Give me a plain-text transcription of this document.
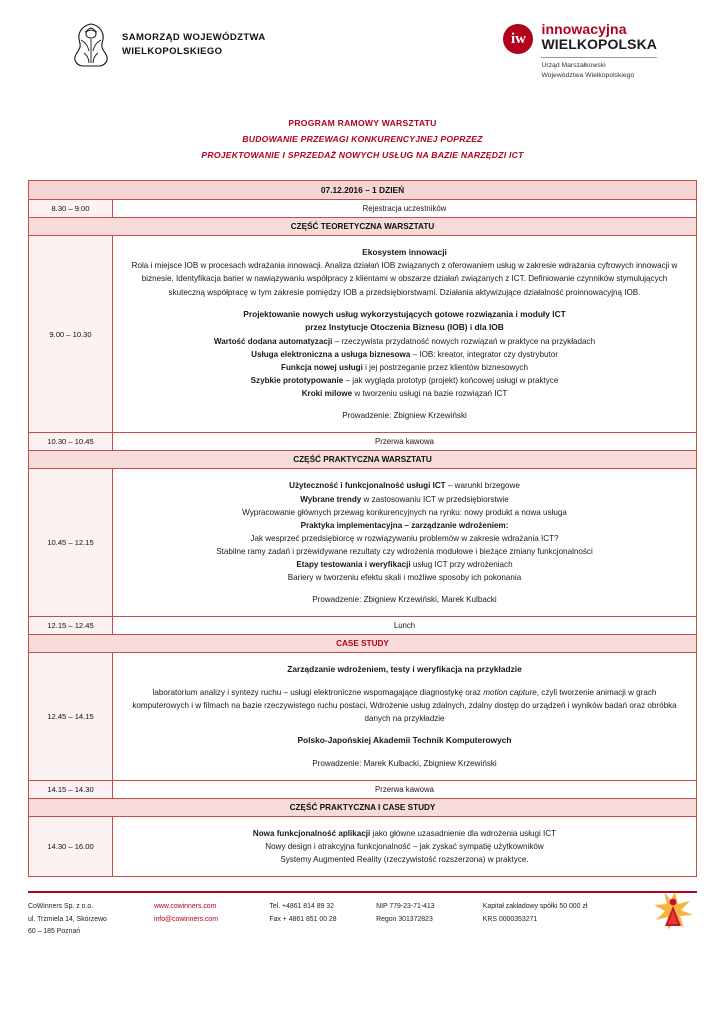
SAMORZĄD WOJEWÓDZTWA
WIELKOPOLSKIEGO
iw
innowacyjna
WIELKOPOLSKA
Urząd Marszałkowski
Województwa Wielkopolskiego
PROGRAM RAMOWY WARSZTATU
BUDOWANIE PRZEWAGI KONKURENCYJNEJ POPRZEZ
PROJEKTOWANIE I SPRZEDAŻ NOWYCH USŁUG NA BAZIE NARZĘDZI ICT
07.12.2016 – 1 DZIEŃ	
8.30 – 9.00	Rejestracja uczestników
CZĘŚĆ TEORETYCZNA WARSZTATU	
9.00 – 10.30	

Ekosystem innowacji

Rola i miejsce IOB w procesach wdrażania innowacji. Analiza działań IOB związanych z oferowaniem usług w zakresie wdrażania cyfrowych innowacji w biznesie. Identyfikacja barier w nawiązywaniu współpracy z klientami w obszarze działań związanych z ICT. Definiowanie czynników stymulujących skuteczną współpracę w tym zakresie pomiędzy IOB a przedsiębiorstwami. Działania aktywizujące działalność proinnowacyjną IOB.

Projektowanie nowych usług wykorzystujących gotowe rozwiązania i moduły ICT

przez Instytucje Otoczenia Biznesu (IOB) i dla IOB

Wartość dodana automatyzacji – rzeczywista przydatność nowych rozwiązań w praktyce na przykładach

Usługa elektroniczna a usługa biznesowa – IOB: kreator, integrator czy dystrybutor

Funkcja nowej usługi i jej postrzeganie przez klientów biznesowych

Szybkie prototypowanie – jak wygląda prototyp (projekt) końcowej usługi w praktyce

Kroki milowe w tworzeniu usługi na bazie rozwiązań ICT

Prowadzenie: Zbigniew Krzewiński

10.30 – 10.45	Przerwa kawowa
CZĘŚĆ PRAKTYCZNA WARSZTATU	
10.45 – 12.15	

Użyteczność i funkcjonalność usługi ICT – warunki brzegowe

Wybrane trendy w zastosowaniu ICT w przedsiębiorstwie

Wypracowanie głównych przewag konkurencyjnych na rynku: nowy produkt a nowa usługa

Praktyka implementacyjna – zarządzanie wdrożeniem:

Jak wesprzeć przedsiębiorcę w rozwiązywaniu problemów w zakresie wdrażania ICT?

Stabilne ramy zadań i przewidywane rezultaty czy wdrożenia modułowe i bieżące zmiany funkcjonalności

Etapy testowania i weryfikacji usług ICT przy wdrożeniach

Bariery w tworzeniu efektu skali i możliwe sposoby ich pokonania

Prowadzenie: Zbigniew Krzewiński, Marek Kulbacki

12.15 – 12.45	Lunch
CASE STUDY	
12.45 – 14.15	Zarządzanie wdrożeniem, testy i weryfikacja na przykładzie

laboratorium analizy i syntezy ruchu – usługi elektroniczne wspomagające diagnostykę oraz motion capture, czyli tworzenie animacji w grach komputerowych i w filmach na bazie rzeczywistego ruchu postaci, Wdrożenie usług zdalnych, zdalny dostęp do urządzeń i wyników badań oraz obróbka danych na przykładzie

Polsko-Japońskiej Akademii Technik Komputerowych

Prowadzenie: Marek Kulbacki, Zbigniew Krzewiński

14.15 – 14.30	Przerwa kawowa
CZĘŚĆ PRAKTYCZNA I CASE STUDY	
14.30 – 16.00	Nowa funkcjonalność aplikacji jako główne uzasadnienie dla wdrożenia usługi ICT

Nowy design i atrakcyjna funkcjonalność – jak zyskać sympatię użytkowników

Systemy Augmented Reality (rzeczywistość rozszerzona) w praktyce.

CoWinners Sp. z o.o.
ul. Trzmiela 14, Skórzewo
60 – 185 Poznań
www.cowinners.com
info@cowinners.com
Tel. +4861 814 89 32
Fax + 4861 851 00 28
NIP 779-23-71-413
Regon 301372823
Kapitał zakładowy spółki 50 000 zł
KRS 0000353271
